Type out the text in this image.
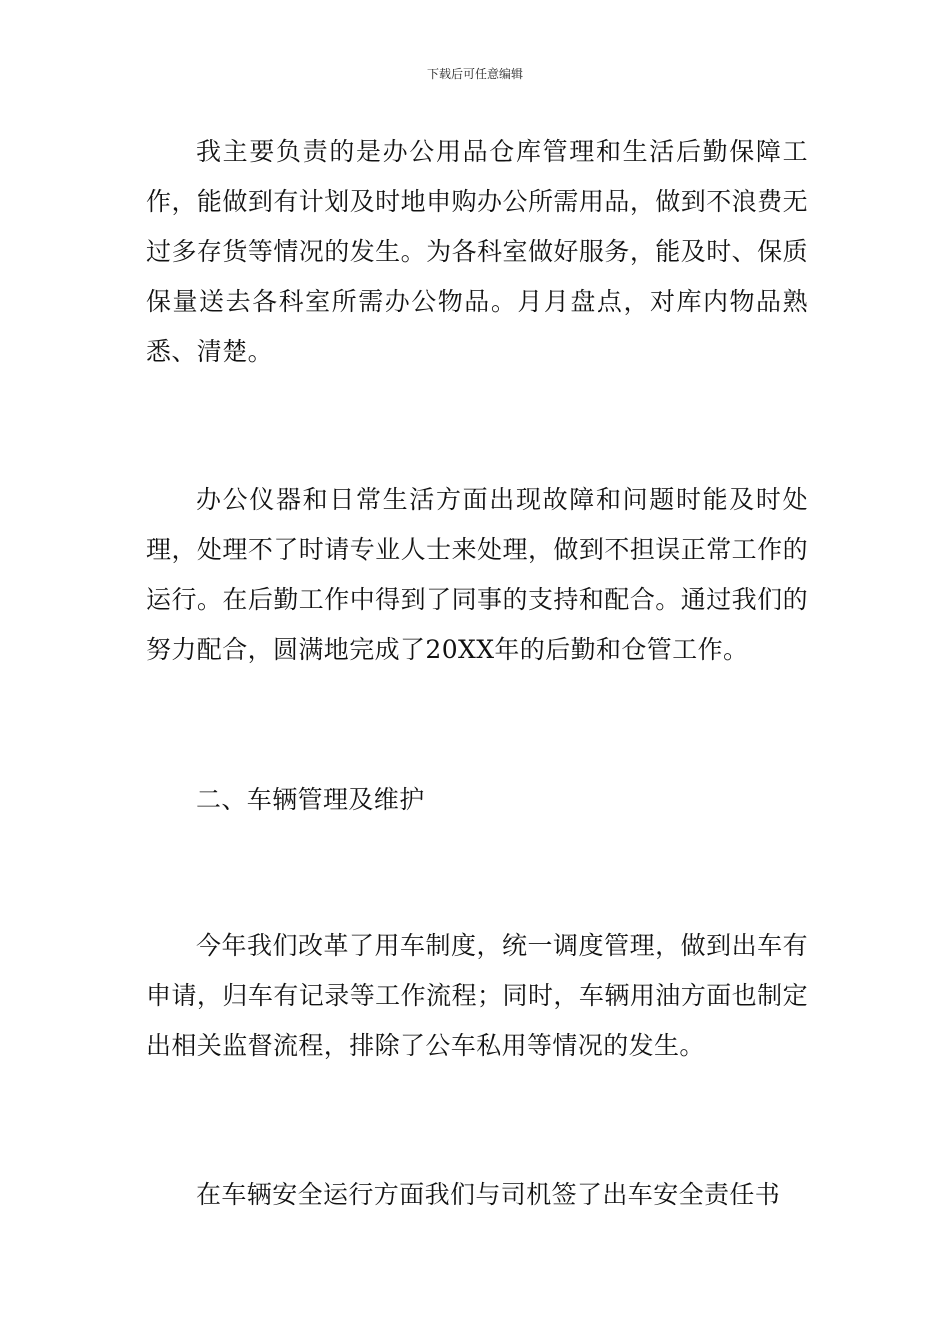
下载后可任意编辑

我主要负责的是办公用品仓库管理和生活后勤保障工作，能做到有计划及时地申购办公所需用品，做到不浪费无过多存货等情况的发生。为各科室做好服务，能及时、保质保量送去各科室所需办公物品。月月盘点，对库内物品熟悉、清楚。

办公仪器和日常生活方面出现故障和问题时能及时处理，处理不了时请专业人士来处理，做到不担误正常工作的运行。在后勤工作中得到了同事的支持和配合。通过我们的努力配合，圆满地完成了20XX年的后勤和仓管工作。

二、车辆管理及维护

今年我们改革了用车制度，统一调度管理，做到出车有申请，归车有记录等工作流程；同时，车辆用油方面也制定出相关监督流程，排除了公车私用等情况的发生。

在车辆安全运行方面我们与司机签了出车安全责任书
